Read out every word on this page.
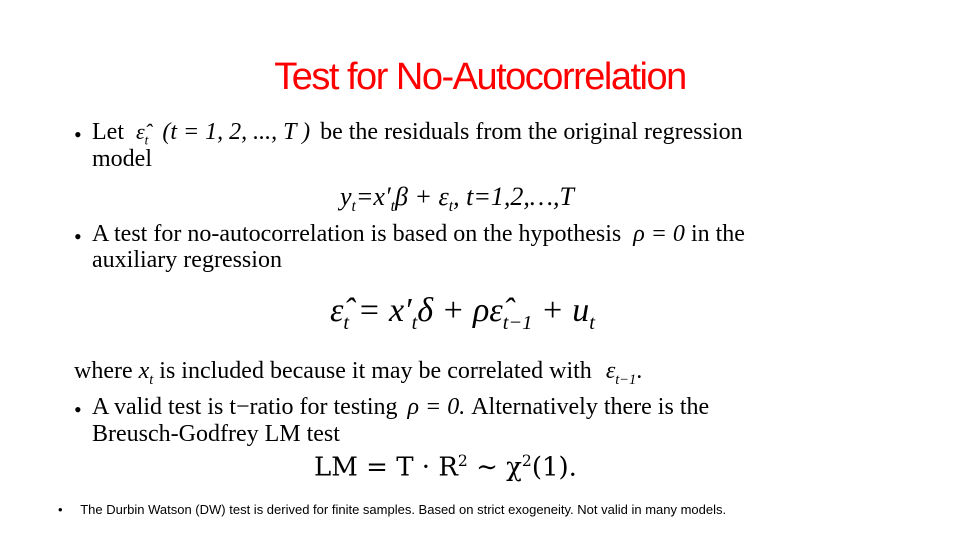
Test for No-Autocorrelation
• Let $\varepsilon̂_t$ (t = 1, 2, ..., T ) be the residuals from the original regression
model
$y_t=x'_t\beta + \varepsilon_t$, t=1,2,…,T
• A test for no-autocorrelation is based on the hypothesis ρ = 0 in the
auxiliary regression
$\varepsilon̂_t = x'_t\delta$ + $\rho\varepsilon̂_{t-1} + u_t$
where $x_t$ is included because it may be correlated with $\varepsilon_{t-1}$.
• A valid test is t−ratio for testing ρ = 0. Alternatively there is the
Breusch-Godfrey LM test
LM = $T \cdot R^2$ ∼ $\chi^2(1)$.
• The Durbin Watson (DW) test is derived for finite samples. Based on strict exogeneity. Not valid in many models.
